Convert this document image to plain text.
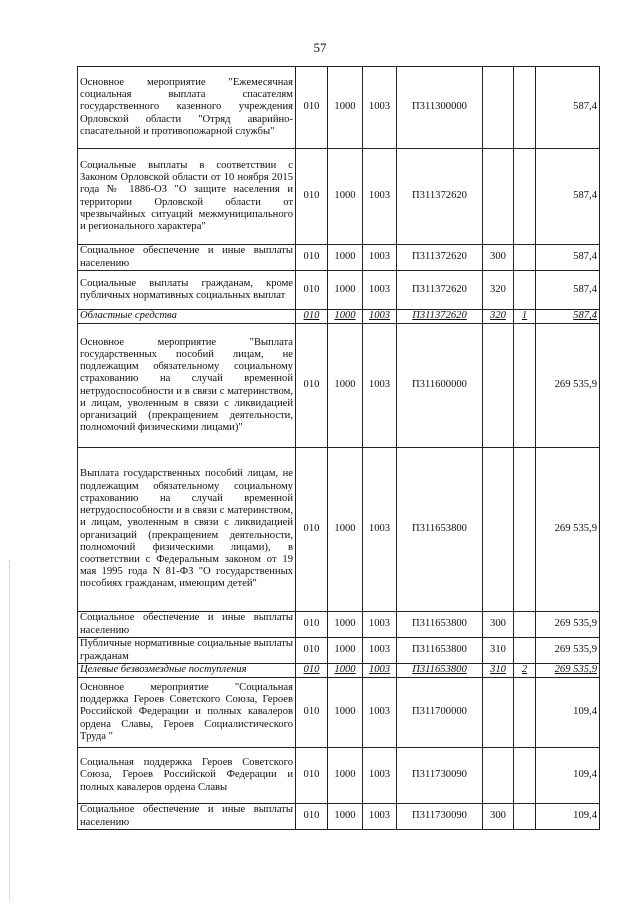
57
Основное мероприятие "Ежемесячная социальная выплата спасателям государственного казенного учреждения Орловской области "Отряд аварийно-спасательной и противопожарной службы"	010	1000	1003	П311300000			587,4
Социальные выплаты в соответствии с Законом Орловской области от 10 ноября 2015 года № 1886-ОЗ "О защите населения и территории Орловской области от чрезвычайных ситуаций межмуниципального и регионального характера"	010	1000	1003	П311372620			587,4
Социальное обеспечение и иные выплаты населению	010	1000	1003	П311372620	300		587,4
Социальные выплаты гражданам, кроме публичных нормативных социальных выплат	010	1000	1003	П311372620	320		587,4
Областные средства	010	1000	1003	П311372620	320	1	587,4
Основное мероприятие "Выплата государственных пособий лицам, не подлежащим обязательному социальному страхованию на случай временной нетрудоспособности и в связи с материнством, и лицам, уволенным в связи с ликвидацией организаций (прекращением деятельности, полномочий физическими лицами)"	010	1000	1003	П311600000			269 535,9
Выплата государственных пособий лицам, не подлежащим обязательному социальному страхованию на случай временной нетрудоспособности и в связи с материнством, и лицам, уволенным в связи с ликвидацией организаций (прекращением деятельности, полномочий физическими лицами), в соответствии с Федеральным законом от 19 мая 1995 года N 81-ФЗ "О государственных пособиях гражданам, имеющим детей"	010	1000	1003	П311653800			269 535,9
Социальное обеспечение и иные выплаты населению	010	1000	1003	П311653800	300		269 535,9
Публичные нормативные социальные выплаты гражданам	010	1000	1003	П311653800	310		269 535,9
Целевые безвозмездные поступления	010	1000	1003	П311653800	310	2	269 535,9
Основное мероприятие "Социальная поддержка Героев Советского Союза, Героев Российской Федерации и полных кавалеров ордена Славы, Героев Социалистического Труда "	010	1000	1003	П311700000			109,4
Социальная поддержка Героев Советского Союза, Героев Российской Федерации и полных кавалеров ордена Славы	010	1000	1003	П311730090			109,4
Социальное обеспечение и иные выплаты населению	010	1000	1003	П311730090	300		109,4
